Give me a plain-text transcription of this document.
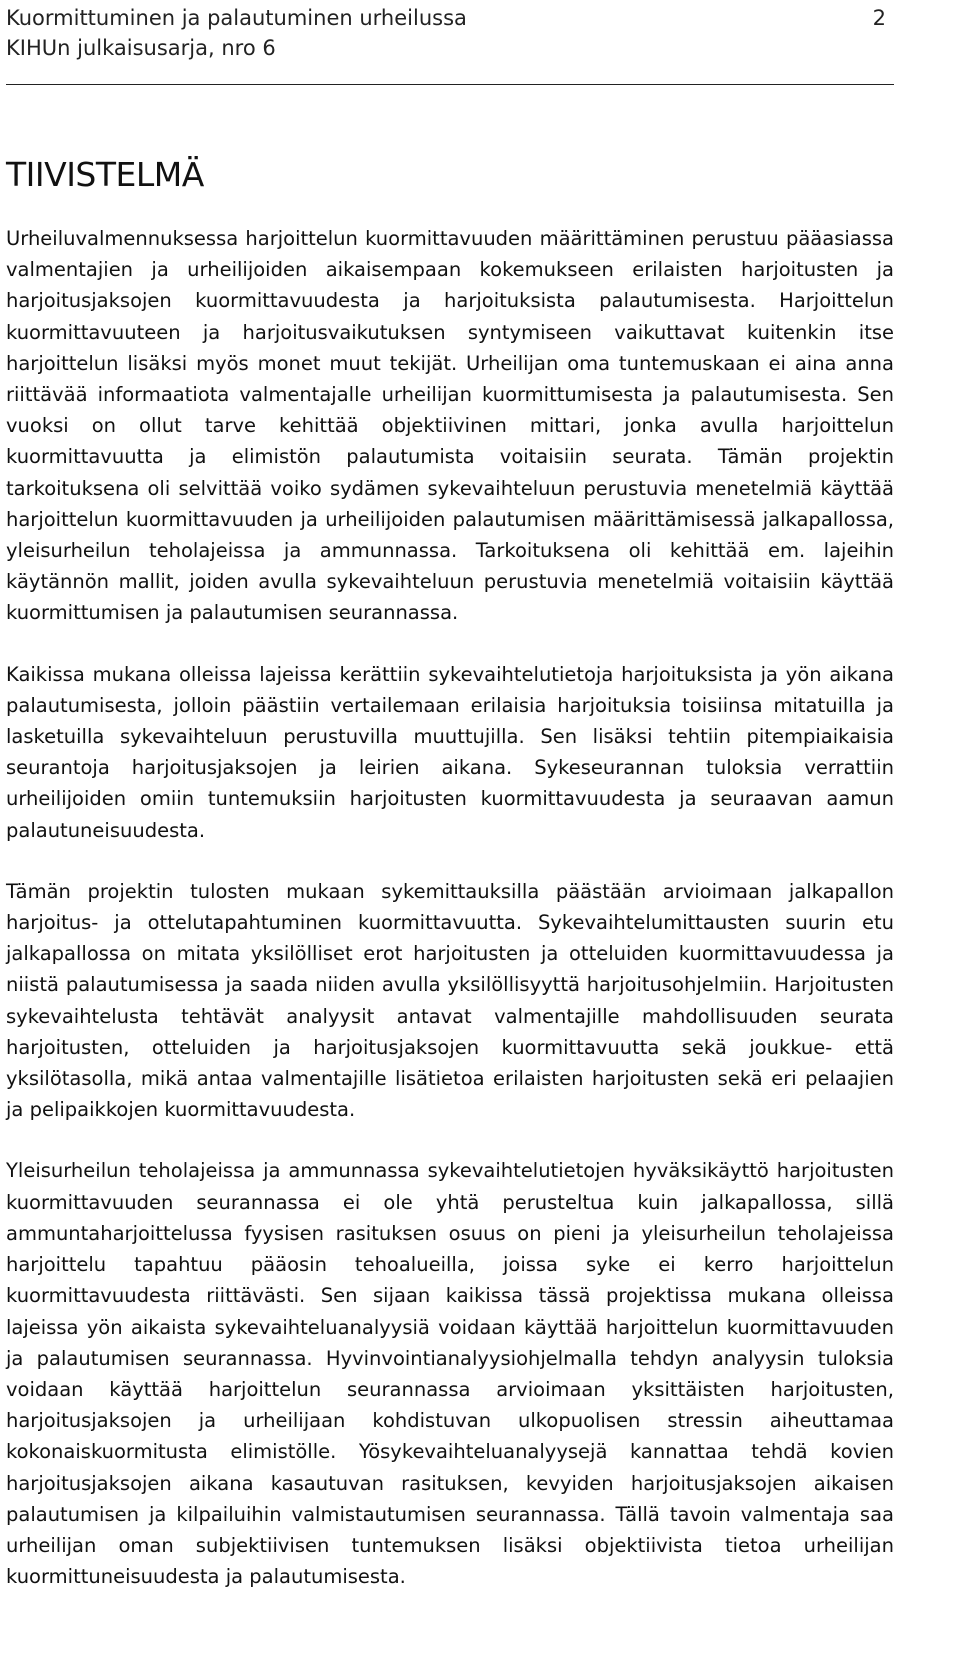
Kuormittuminen ja palautuminen urheilussa
KIHUn julkaisusarja, nro 6
2
TIIVISTELMÄ

Urheiluvalmennuksessa harjoittelun kuormittavuuden määrittäminen perustuu pääasiassa valmentajien ja urheilijoiden aikaisempaan kokemukseen erilaisten harjoitusten ja harjoitusjaksojen kuormittavuudesta ja harjoituksista palautumisesta. Harjoittelun kuormittavuuteen ja harjoitusvaikutuksen syntymiseen vaikuttavat kuitenkin itse harjoittelun lisäksi myös monet muut tekijät. Urheilijan oma tuntemuskaan ei aina anna riittävää informaatiota valmentajalle urheilijan kuormittumisesta ja palautumisesta. Sen vuoksi on ollut tarve kehittää objektiivinen mittari, jonka avulla harjoittelun kuormittavuutta ja elimistön palautumista voitaisiin seurata. Tämän projektin tarkoituksena oli selvittää voiko sydämen sykevaihteluun perustuvia menetelmiä käyttää harjoittelun kuormittavuuden ja urheilijoiden palautumisen määrittämisessä jalkapallossa, yleisurheilun teholajeissa ja ammunnassa. Tarkoituksena oli kehittää em. lajeihin käytännön mallit, joiden avulla sykevaihteluun perustuvia menetelmiä voitaisiin käyttää kuormittumisen ja palautumisen seurannassa.

Kaikissa mukana olleissa lajeissa kerättiin sykevaihtelutietoja harjoituksista ja yön aikana palautumisesta, jolloin päästiin vertailemaan erilaisia harjoituksia toisiinsa mitatuilla ja lasketuilla sykevaihteluun perustuvilla muuttujilla. Sen lisäksi tehtiin pitempiaikaisia seurantoja harjoitusjaksojen ja leirien aikana. Sykeseurannan tuloksia verrattiin urheilijoiden omiin tuntemuksiin harjoitusten kuormittavuudesta ja seuraavan aamun palautuneisuudesta.

Tämän projektin tulosten mukaan sykemittauksilla päästään arvioimaan jalkapallon harjoitus- ja ottelutapahtuminen kuormittavuutta. Sykevaihtelumittausten suurin etu jalkapallossa on mitata yksilölliset erot harjoitusten ja otteluiden kuormittavuudessa ja niistä palautumisessa ja saada niiden avulla yksilöllisyyttä harjoitusohjelmiin. Harjoitusten sykevaihtelusta tehtävät analyysit antavat valmentajille mahdollisuuden seurata harjoitusten, otteluiden ja harjoitusjaksojen kuormittavuutta sekä joukkue- että yksilötasolla, mikä antaa valmentajille lisätietoa erilaisten harjoitusten sekä eri pelaajien ja pelipaikkojen kuormittavuudesta.

Yleisurheilun teholajeissa ja ammunnassa sykevaihtelutietojen hyväksikäyttö harjoitusten kuormittavuuden seurannassa ei ole yhtä perusteltua kuin jalkapallossa, sillä ammuntaharjoittelussa fyysisen rasituksen osuus on pieni ja yleisurheilun teholajeissa harjoittelu tapahtuu pääosin tehoalueilla, joissa syke ei kerro harjoittelun kuormittavuudesta riittävästi. Sen sijaan kaikissa tässä projektissa mukana olleissa lajeissa yön aikaista sykevaihteluanalyysiä voidaan käyttää harjoittelun kuormittavuuden ja palautumisen seurannassa. Hyvinvointianalyysiohjelmalla tehdyn analyysin tuloksia voidaan käyttää harjoittelun seurannassa arvioimaan yksittäisten harjoitusten, harjoitusjaksojen ja urheilijaan kohdistuvan ulkopuolisen stressin aiheuttamaa kokonaiskuormitusta elimistölle. Yösykevaihteluanalyysejä kannattaa tehdä kovien harjoitusjaksojen aikana kasautuvan rasituksen, kevyiden harjoitusjaksojen aikaisen palautumisen ja kilpailuihin valmistautumisen seurannassa. Tällä tavoin valmentaja saa urheilijan oman subjektiivisen tuntemuksen lisäksi objektiivista tietoa urheilijan kuormittuneisuudesta ja palautumisesta.
